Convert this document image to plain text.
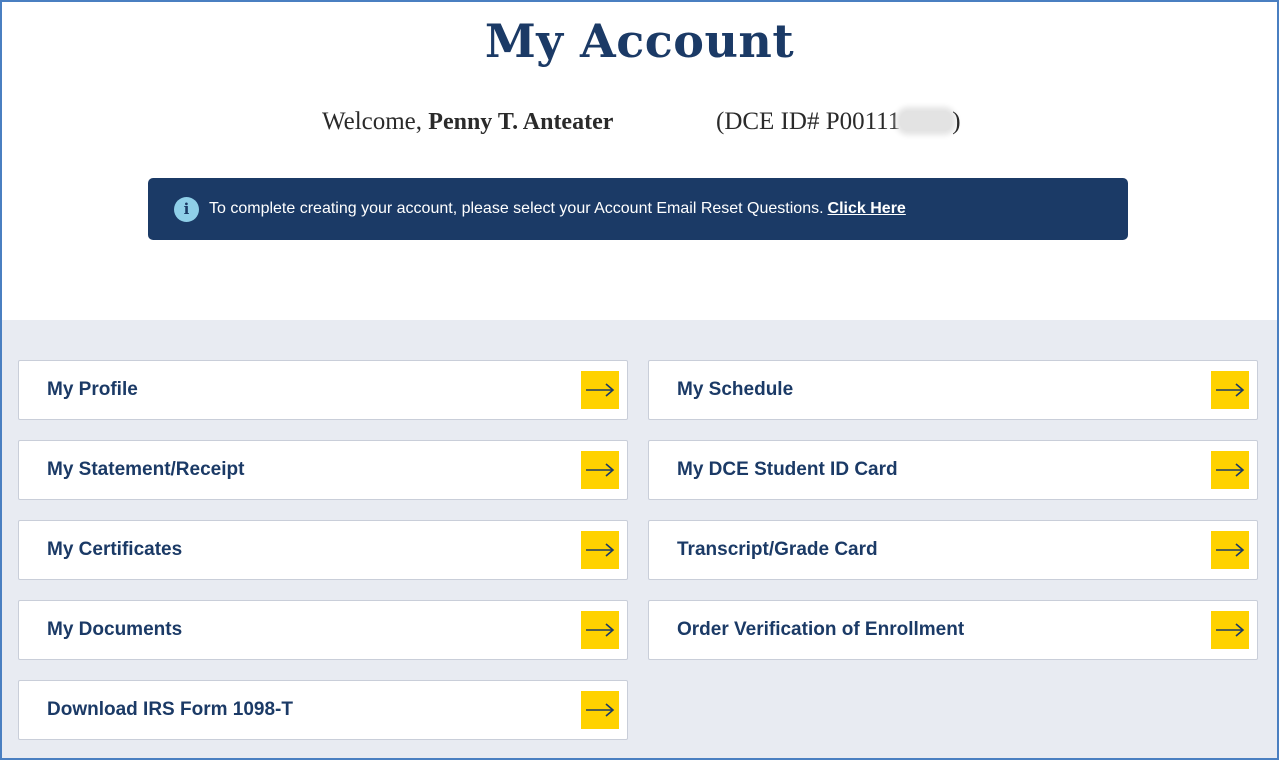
My Account
Welcome, Penny T. Anteater	(DCE ID# P00111 )
i	To complete creating your account, please select your Account Email Reset Questions. Click Here
My Profile
My Statement/Receipt
My Certificates
My Documents
Download IRS Form 1098-T
My Schedule
My DCE Student ID Card
Transcript/Grade Card
Order Verification of Enrollment
